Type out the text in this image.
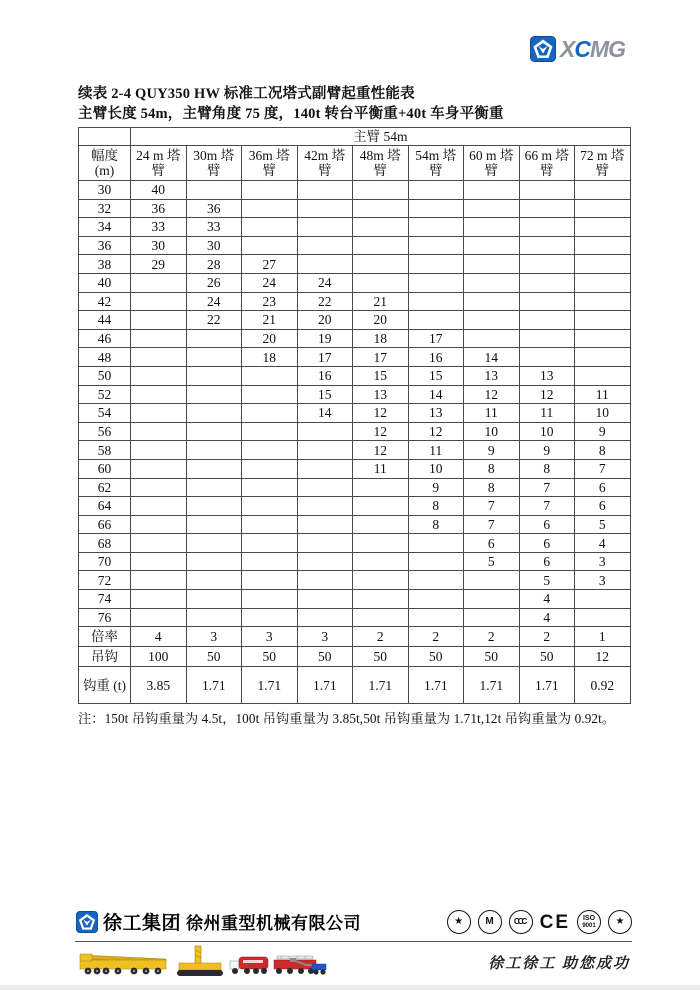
XCMG
续表 2-4 QUY350 HW 标准工况塔式副臂起重性能表
主臂长度 54m，主臂角度 75 度，140t 转台平衡重+40t 车身平衡重
	主臂 54m								
幅度 (m)	24 m 塔臂	30m 塔臂	36m 塔臂	42m 塔臂	48m 塔臂	54m 塔臂	60 m 塔臂	66 m 塔臂	72 m 塔臂
30	40								
32	36	36							
34	33	33							
36	30	30							
38	29	28	27						
40		26	24	24					
42		24	23	22	21				
44		22	21	20	20				
46			20	19	18	17			
48			18	17	17	16	14		
50				16	15	15	13	13	
52				15	13	14	12	12	11
54				14	12	13	11	11	10
56					12	12	10	10	9
58					12	11	9	9	8
60					11	10	8	8	7
62						9	8	7	6
64						8	7	7	6
66						8	7	6	5
68							6	6	4
70							5	6	3
72								5	3
74								4	
76								4	
倍率	4	3	3	3	2	2	2	2	1
吊钩	100	50	50	50	50	50	50	50	12
钩重 (t)	3.85	1.71	1.71	1.71	1.71	1.71	1.71	1.71	0.92
注：150t 吊钩重量为 4.5t，100t 吊钩重量为 3.85t,50t 吊钩重量为 1.71t,12t 吊钩重量为 0.92t。
徐工集团 徐州重型机械有限公司	★ M	CCC CE ISO
9001 ★
徐工徐工 助您成功
